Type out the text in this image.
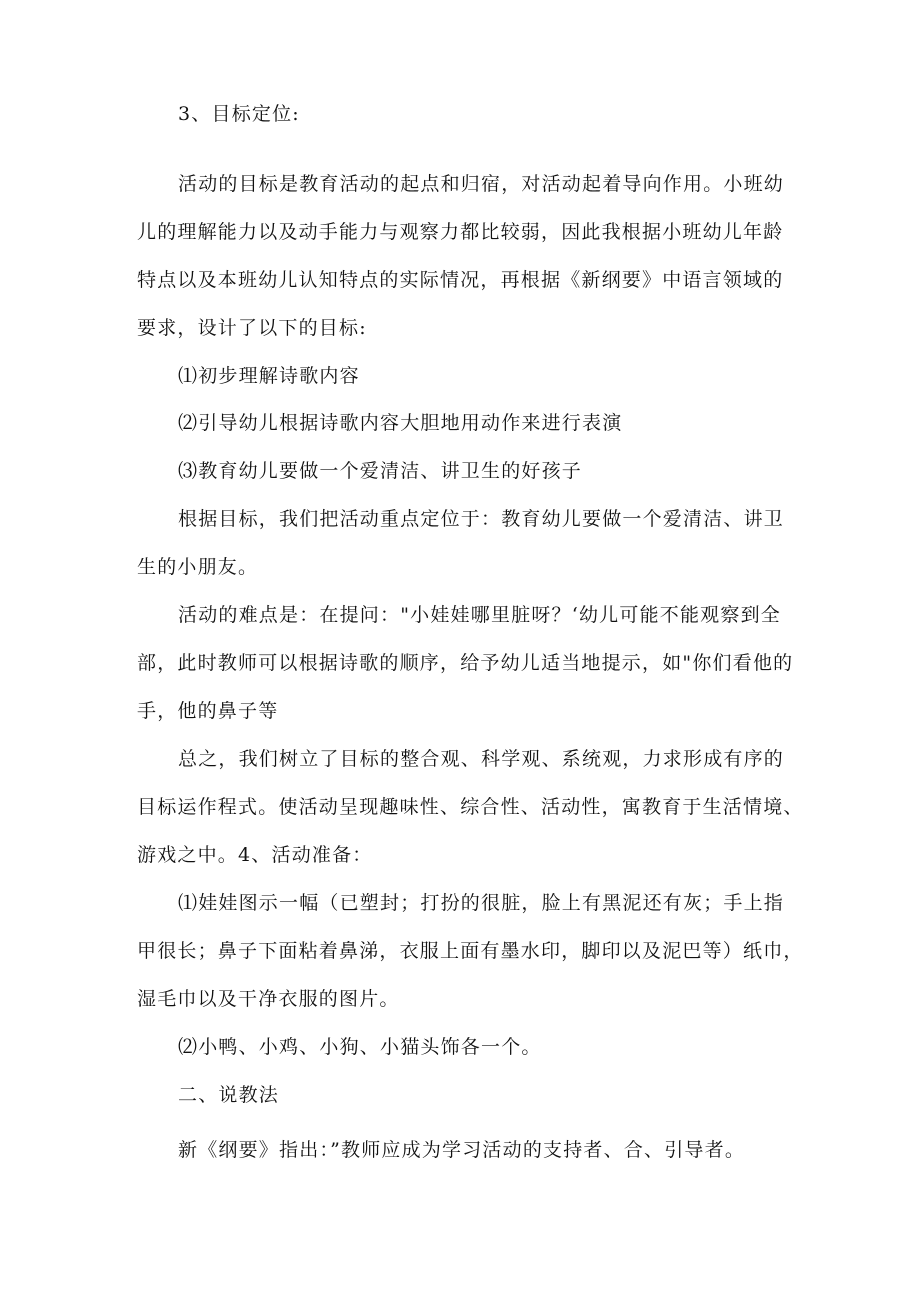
3、目标定位:
活动的目标是教育活动的起点和归宿，对活动起着导向作用。小班幼
儿的理解能力以及动手能力与观察力都比较弱，因此我根据小班幼儿年龄
特点以及本班幼儿认知特点的实际情况，再根据《新纲要》中语言领域的
要求，设计了以下的目标:
⑴初步理解诗歌内容
⑵引导幼儿根据诗歌内容大胆地用动作来进行表演
⑶教育幼儿要做一个爱清洁、讲卫生的好孩子
根据目标，我们把活动重点定位于：教育幼儿要做一个爱清洁、讲卫
生的小朋友。
活动的难点是：在提问："小娃娃哪里脏呀？‘幼儿可能不能观察到全
部，此时教师可以根据诗歌的顺序，给予幼儿适当地提示，如"你们看他的
手，他的鼻子等
总之，我们树立了目标的整合观、科学观、系统观，力求形成有序的
目标运作程式。使活动呈现趣味性、综合性、活动性，寓教育于生活情境、
游戏之中。4、活动准备：
⑴娃娃图示一幅（已塑封；打扮的很脏，脸上有黑泥还有灰；手上指
甲很长；鼻子下面粘着鼻涕，衣服上面有墨水印，脚印以及泥巴等）纸巾，
湿毛巾以及干净衣服的图片。
⑵小鸭、小鸡、小狗、小猫头饰各一个。
二、说教法
新《纲要》指出：”教师应成为学习活动的支持者、合、引导者。
